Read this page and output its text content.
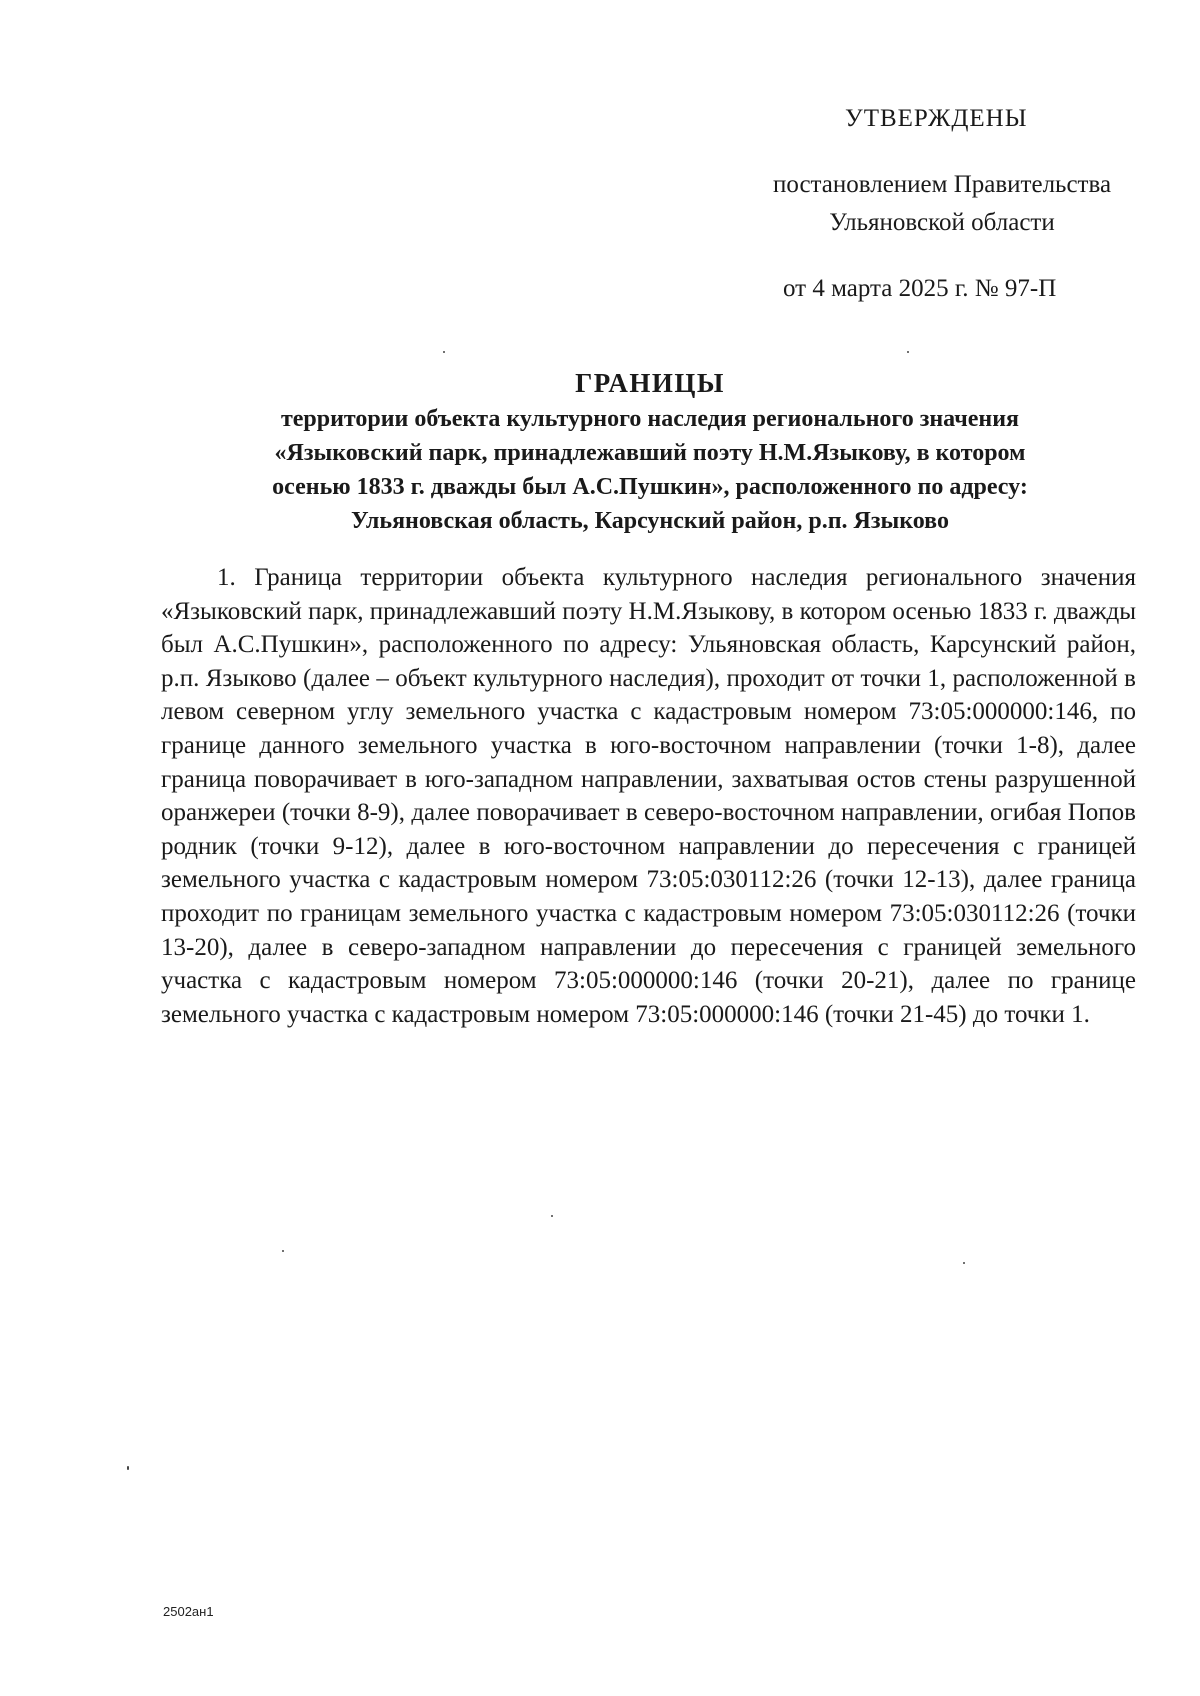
УТВЕРЖДЕНЫ
постановлением Правительства
Ульяновской области
от 4 марта 2025 г. № 97-П
ГРАНИЦЫ
территории объекта культурного наследия регионального значения
«Языковский парк, принадлежавший поэту Н.М.Языкову, в котором
осенью 1833 г. дважды был А.С.Пушкин», расположенного по адресу:
Ульяновская область, Карсунский район, р.п. Языково

1. Граница территории объекта культурного наследия регионального значения «Языковский парк, принадлежавший поэту Н.М.Языкову, в котором осенью 1833 г. дважды был А.С.Пушкин», расположенного по адресу: Ульяновская область, Карсунский район, р.п. Языково (далее – объект культурного наследия), проходит от точки 1, расположенной в левом северном углу земельного участка с кадастровым номером 73:05:000000:146, по границе данного земельного участка в юго-восточном направлении (точки 1-8), далее граница поворачивает в юго-западном направлении, захватывая остов стены разрушенной оранжереи (точки 8-9), далее поворачивает в северо-восточном направлении, огибая Попов родник (точки 9-12), далее в юго-восточном направлении до пересечения с границей земельного участка с кадастровым номером 73:05:030112:26 (точки 12-13), далее граница проходит по границам земельного участка с кадастровым номером 73:05:030112:26 (точки 13-20), далее в северо-западном направлении до пересечения с границей земельного участка с кадастровым номером 73:05:000000:146 (точки 20-21), далее по границе земельного участка с кадастровым номером 73:05:000000:146 (точки 21-45) до точки 1.

2502ан1
